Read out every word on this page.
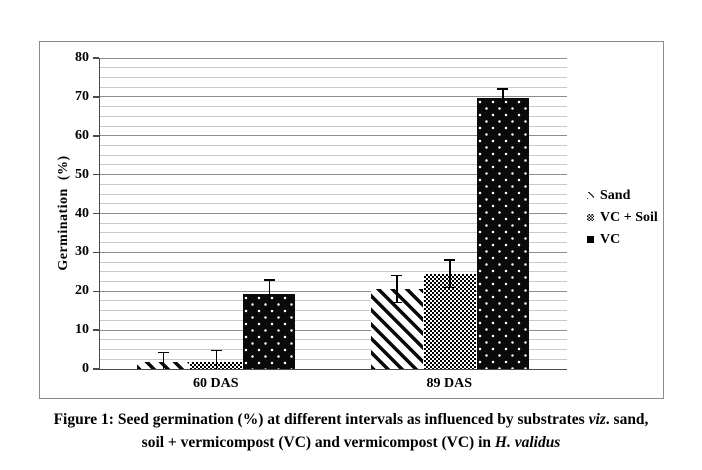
Germination  (%)
0
10
20
30
40
50
60
70
80
60 DAS	89 DAS
Sand
VC + Soil
VC
Figure 1: Seed germination (%) at different intervals as influenced by substrates viz. sand,
soil + vermicompost (VC) and vermicompost (VC) in H. validus
